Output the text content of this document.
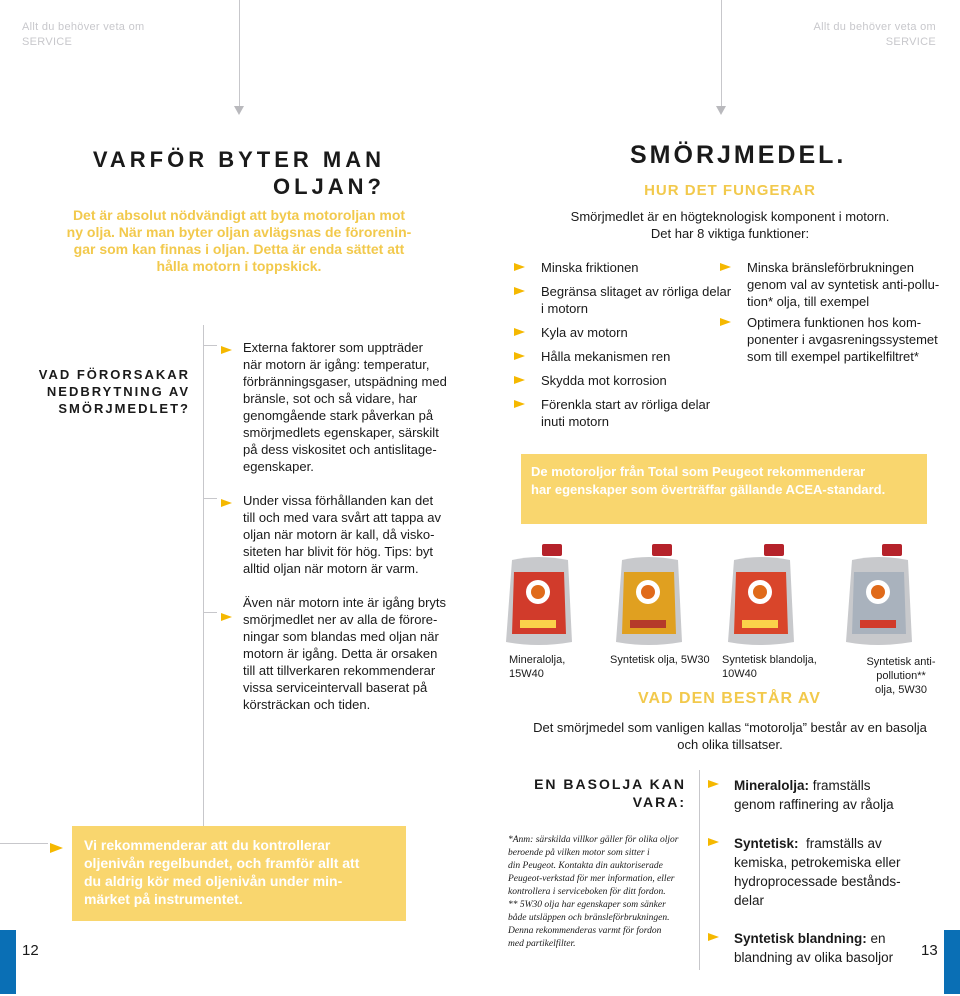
Allt du behöver veta om
SERVICE
Allt du behöver veta om
SERVICE
VARFÖR BYTER MAN
OLJAN?
Det är absolut nödvändigt att byta motoroljan mot
ny olja. När man byter oljan avlägsnas de förorenin-
gar som kan finnas i oljan. Detta är enda sättet att
hålla motorn i toppskick.
VAD FÖRORSAKAR
NEDBRYTNING AV
SMÖRJMEDLET?
Externa faktorer som uppträder
när motorn är igång: temperatur,
förbränningsgaser, utspädning med
bränsle, sot och så vidare, har
genomgående stark påverkan på
smörjmedlets egenskaper, särskilt
på dess viskositet och antislitage-
egenskaper.
Under vissa förhållanden kan det
till och med vara svårt att tappa av
oljan när motorn är kall, då visko-
siteten har blivit för hög. Tips: byt
alltid oljan när motorn är varm.
Även när motorn inte är igång bryts
smörjmedlet ner av alla de förore-
ningar som blandas med oljan när
motorn är igång. Detta är orsaken
till att tillverkaren rekommenderar
vissa serviceintervall baserat på
körsträckan och tiden.
Vi rekommenderar att du kontrollerar
oljenivån regelbundet, och framför allt att
du aldrig kör med oljenivån under min-
märket på instrumentet.
12
SMÖRJMEDEL.
HUR DET FUNGERAR
Smörjmedlet är en högteknologisk komponent i motorn.
Det har 8 viktiga funktioner:
Minska friktionen
Begränsa slitaget av rörliga delar
i motorn
Kyla av motorn
Hålla mekanismen ren
Skydda mot korrosion
Förenkla start av rörliga delar
inuti motorn
Minska bränsleförbrukningen
genom val av syntetisk anti-pollu-
tion* olja, till exempel
Optimera funktionen hos kom-
ponenter i avgasreningssystemet
som till exempel partikelfiltret*
De motoroljor från Total som Peugeot rekommenderar
har egenskaper som överträffar gällande ACEA-standard.
Mineralolja,
15W40
Syntetisk olja, 5W30 Syntetisk blandolja,
10W40
Syntetisk anti-pollution**
olja, 5W30
VAD DEN BESTÅR AV
Det smörjmedel som vanligen kallas “motorolja” består av en basolja
och olika tillsatser.
EN BASOLJA KAN
VARA:
*Anm: särskilda villkor gäller för olika oljor
beroende på vilken motor som sitter i
din Peugeot. Kontakta din auktoriserade
Peugeot-verkstad för mer information, eller
kontrollera i serviceboken för ditt fordon.
** 5W30 olja har egenskaper som sänker
både utsläppen och bränsleförbrukningen.
Denna rekommenderas varmt för fordon
med partikelfilter.
Mineralolja: framställs
genom raffinering av råolja
Syntetisk:  framställs av
kemiska, petrokemiska eller
hydroprocessade bestånds-
delar
Syntetisk blandning: en
blandning av olika basoljor	13
